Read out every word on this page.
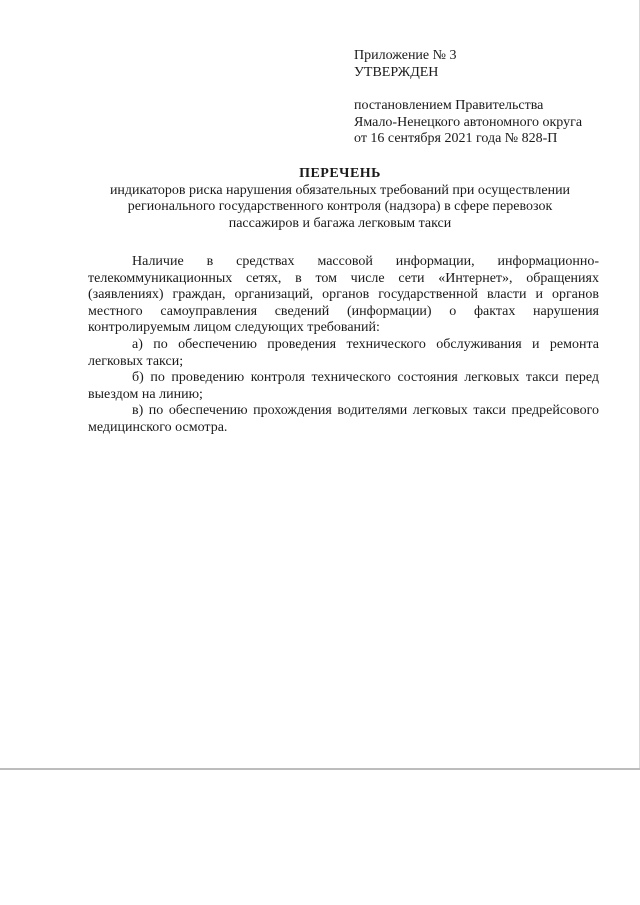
Приложение № 3
УТВЕРЖДЕН
постановлением Правительства
Ямало-Ненецкого автономного округа
от 16 сентября 2021 года № 828-П
ПЕРЕЧЕНЬ
индикаторов риска нарушения обязательных требований при осуществлении
регионального государственного контроля (надзора) в сфере перевозок
пассажиров и багажа легковым такси

Наличие в средствах массовой информации, информационно-телекоммуникационных сетях, в том числе сети «Интернет», обращениях (заявлениях) граждан, организаций, органов государственной власти и органов местного самоуправления сведений (информации) о фактах нарушения контролируемым лицом следующих требований:

а) по обеспечению проведения технического обслуживания и ремонта легковых такси;

б) по проведению контроля технического состояния легковых такси перед выездом на линию;

в) по обеспечению прохождения водителями легковых такси предрейсового медицинского осмотра.
